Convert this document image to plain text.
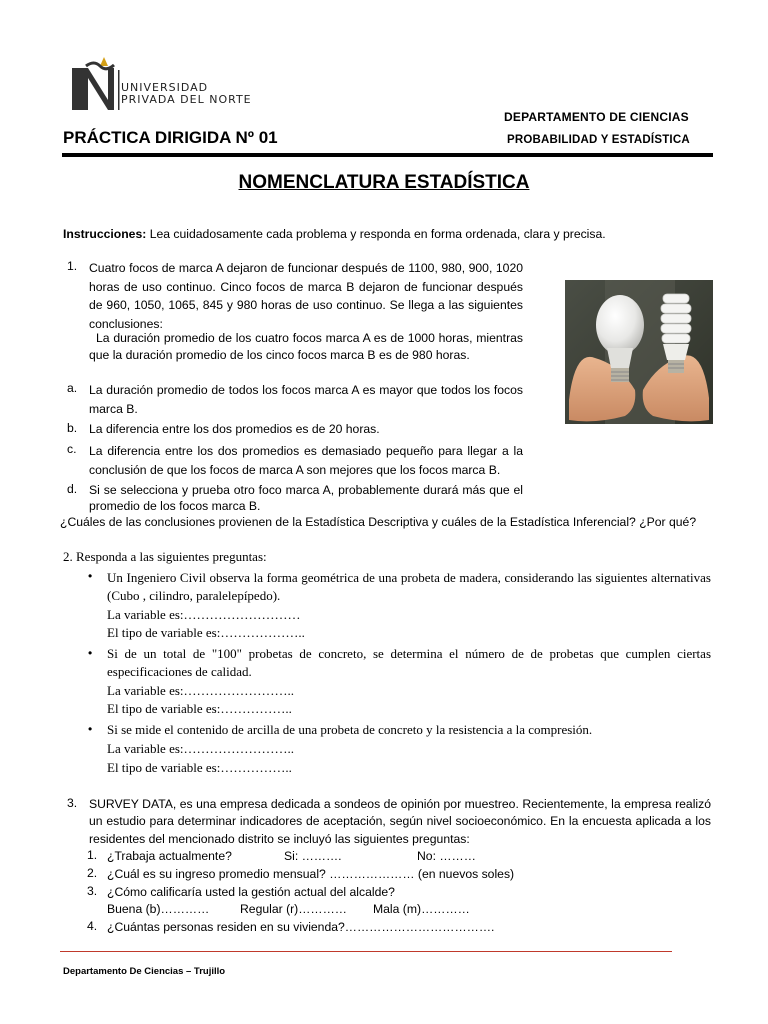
UNIVERSIDAD
PRIVADA DEL NORTE
DEPARTAMENTO DE CIENCIAS
PROBABILIDAD Y ESTADÍSTICA
PRÁCTICA DIRIGIDA Nº 01
NOMENCLATURA ESTADÍSTICA
Instrucciones: Lea cuidadosamente cada problema y responda en forma ordenada, clara y precisa.
1. Cuatro focos de marca A dejaron de funcionar después de 1100, 980, 900, 1020 horas de uso continuo. Cinco focos de marca B dejaron de funcionar después de 960, 1050, 1065, 845 y 980 horas de uso continuo. Se llega a las siguientes conclusiones:
La duración promedio de los cuatro focos marca A es de 1000 horas, mientras que la duración promedio de los cinco focos marca B es de 980 horas.
a. La duración promedio de todos los focos marca A es mayor que todos los focos marca B.
b. La diferencia entre los dos promedios es de 20 horas.
c. La diferencia entre los dos promedios es demasiado pequeño para llegar a la conclusión de que los focos de marca A son mejores que los focos marca B.
d. Si se selecciona y prueba otro foco marca A, probablemente durará más que el promedio de los focos marca B.
¿Cuáles de las conclusiones provienen de la Estadística Descriptiva y cuáles de la Estadística Inferencial? ¿Por qué?
2. Responda a las siguientes preguntas:
• Un Ingeniero Civil observa la forma geométrica de una probeta de madera, considerando las siguientes alternativas (Cubo , cilindro, paralelepípedo).
La variable es:………………………
El tipo de variable es:………………..
• Si de un total de "100" probetas de concreto, se determina el número de de probetas que cumplen ciertas especificaciones de calidad.
La variable es:……………………..
El tipo de variable es:……………..
• Si se mide el contenido de arcilla de una probeta de concreto y la resistencia a la compresión.
La variable es:……………………..
El tipo de variable es:……………..
3. SURVEY DATA, es una empresa dedicada a sondeos de opinión por muestreo. Recientemente, la empresa realizó un estudio para determinar indicadores de aceptación, según nivel socioeconómico. En la encuesta aplicada a los residentes del mencionado distrito se incluyó las siguientes preguntas:
1. ¿Trabaja actualmente?	Si: ……….	No: ………
2. ¿Cuál es su ingreso promedio mensual? ………………… (en nuevos soles)
3. ¿Cómo calificaría usted la gestión actual del alcalde?
Buena (b)…………	Regular (r)………… Mala (m)…………
4. ¿Cuántas personas residen en su vivienda?……………………………….
Departamento De Ciencias – Trujillo
